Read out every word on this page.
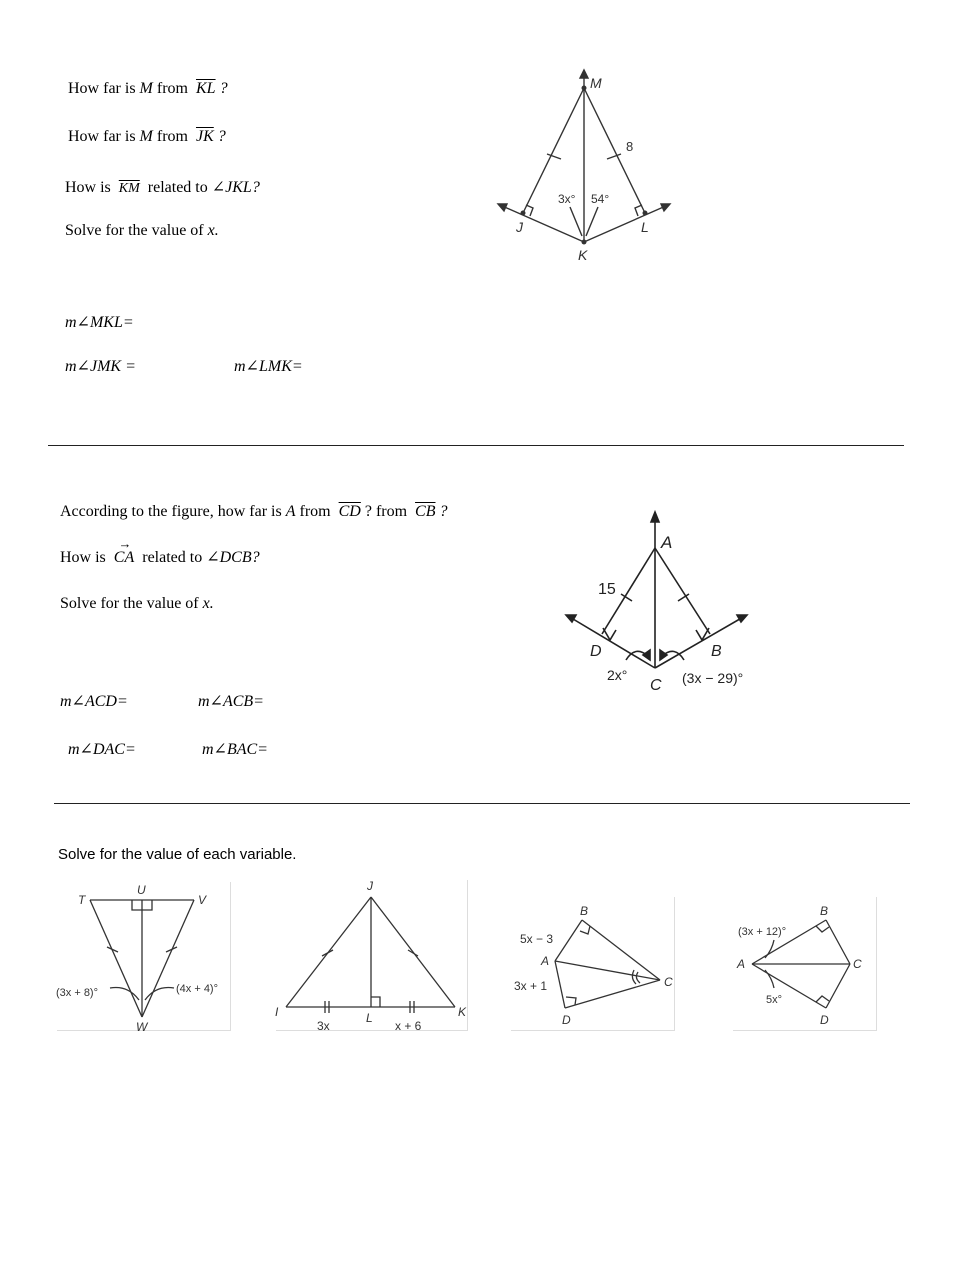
How far is M from $\overline{KL}$ ?
How far is M from $\overline{JK}$ ?
How is $\overline{KM}$ related to ∠JKL?
Solve for the value of x.
m∠MKL=
m∠JMK =	m∠LMK=
M
J
K
L
8
3x° 54°
According to the figure, how far is A from $\overline{CD}$ ? from $\overline{CB}$ ?
How is → CA related to ∠DCB?
Solve for the value of x.
m∠ACD=	m∠ACB=
m∠DAC=	m∠BAC=
A
D
C
B
15
2x°	(3x − 29)°
Solve for the value of each variable.
T
U
V
W
(3x + 8)°	(4x + 4)°
J
I	L	K
3x	x + 6
B
A
C
D
5x − 3
3x + 1
B
A	C
D
(3x + 12)°
5x°
